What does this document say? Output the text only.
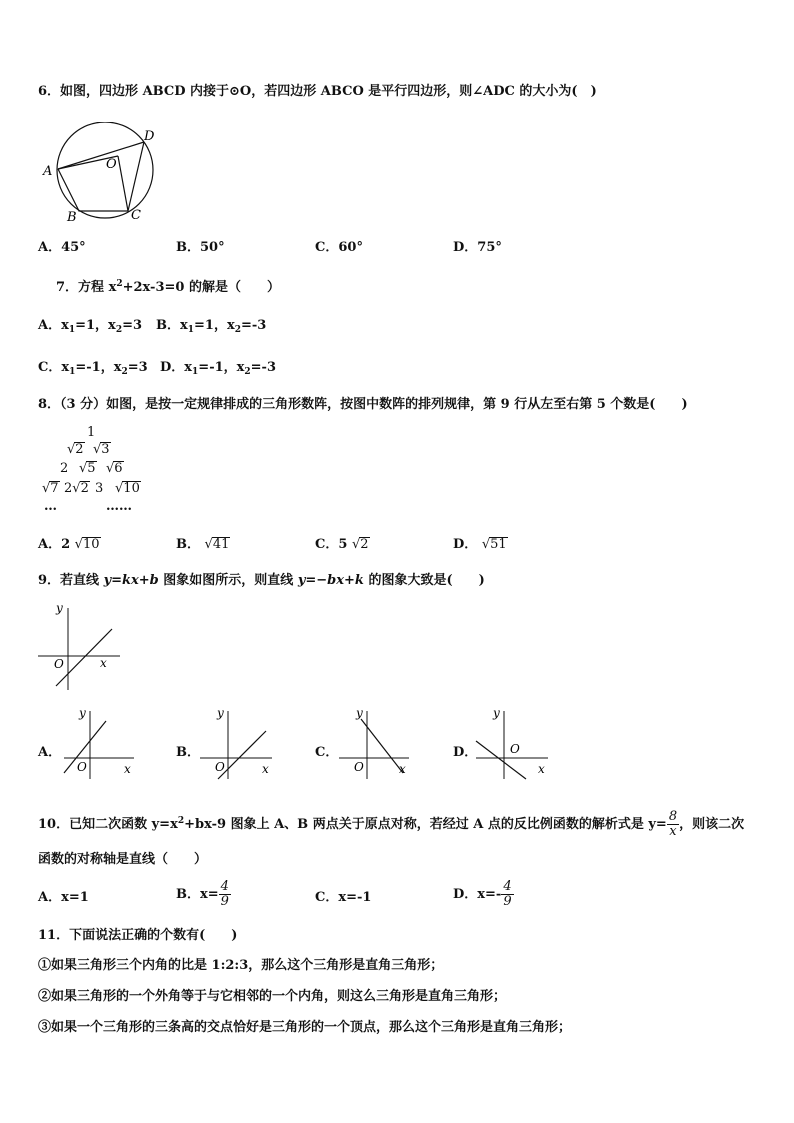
6．如图，四边形 ABCD 内接于⊙O，若四边形 ABCO 是平行四边形，则∠ADC 的大小为(　)
A
B	C
D
O
A．45°	B．50°	C．60°	D．75°
7．方程 $x^2+2x-3=0$ 的解是（　　）
A．$x_1=1$，$x_2=3$ B．$x_1=1$，$x_2=-3$
C．$x_1=-1$，$x_2=3$ D．$x_1=-1$，$x_2=-3$
8．（3 分）如图，是按一定规律排成的三角形数阵，按图中数阵的排列规律，第 9 行从左至右第 5 个数是(　　)
1
√2 √3
2 √5 √6
√7 2√2 3 √10
…	……
A．2 √10	B． √41	C．5 √2	D． √51
9．若直线 y=kx+b 图象如图所示，则直线 y=−bx+k 的图象大致是(　　)
y
x
O
A．	B．	C．	D．
y
x
O
y
x
O
y
x
O
y
x
O
10．已知二次函数 $y=x^2+bx-9$ 图象上 A、B 两点关于原点对称，若经过 A 点的反比例函数的解析式是 $y= \frac{8}{x}$ ，则该二次
函数的对称轴是直线（　　）
A．x=1	B．$x= \frac{4}{9}$	C．x=-1	D．$x=- \frac{4}{9}$
11．下面说法正确的个数有(　　)
①如果三角形三个内角的比是 1:2:3，那么这个三角形是直角三角形；
②如果三角形的一个外角等于与它相邻的一个内角，则这么三角形是直角三角形；
③如果一个三角形的三条高的交点恰好是三角形的一个顶点，那么这个三角形是直角三角形；
